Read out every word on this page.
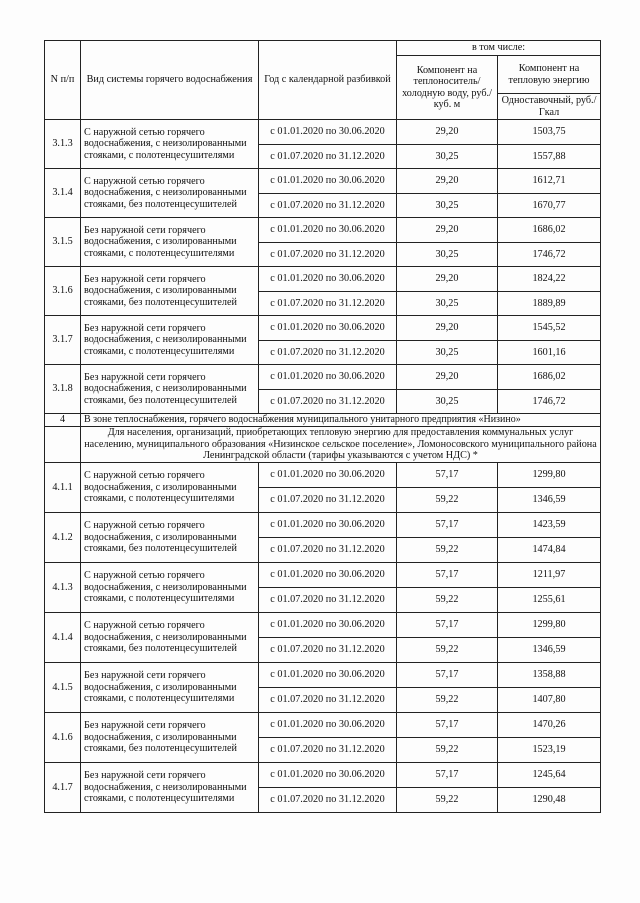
N п/п	Вид системы горячего водоснабжения	Год с календарной разбивкой	в том числе:	
			Компонент на теплоноситель/холодную воду, руб./куб. м	Компонент на тепловую энергию
				Одноставочный, руб./Гкал
3.1.3	С наружной сетью горячего водоснабжения, с неизолированными стояками, с полотенцесушителями	с 01.01.2020 по 30.06.2020	29,20	1503,75
		с 01.07.2020 по 31.12.2020	30,25	1557,88
3.1.4	С наружной сетью горячего водоснабжения, с неизолированными стояками, без полотенцесушителей	с 01.01.2020 по 30.06.2020	29,20	1612,71
		с 01.07.2020 по 31.12.2020	30,25	1670,77
3.1.5	Без наружной сети горячего водоснабжения, с изолированными стояками, с полотенцесушителями	с 01.01.2020 по 30.06.2020	29,20	1686,02
		с 01.07.2020 по 31.12.2020	30,25	1746,72
3.1.6	Без наружной сети горячего водоснабжения, с изолированными стояками, без полотенцесушителей	с 01.01.2020 по 30.06.2020	29,20	1824,22
		с 01.07.2020 по 31.12.2020	30,25	1889,89
3.1.7	Без наружной сети горячего водоснабжения, с неизолированными стояками, с полотенцесушителями	с 01.01.2020 по 30.06.2020	29,20	1545,52
		с 01.07.2020 по 31.12.2020	30,25	1601,16
3.1.8	Без наружной сети горячего водоснабжения, с неизолированными стояками, без полотенцесушителей	с 01.01.2020 по 30.06.2020	29,20	1686,02
		с 01.07.2020 по 31.12.2020	30,25	1746,72
4	В зоне теплоснабжения, горячего водоснабжения муниципального унитарного предприятия «Низино»			
	Для населения, организаций, приобретающих тепловую энергию для предоставления коммунальных услуг населению, муниципального образования «Низинское сельское поселение», Ломоносовского муниципального района Ленинградской области (тарифы указываются с учетом НДС) *			
4.1.1	С наружной сетью горячего водоснабжения, с изолированными стояками, с полотенцесушителями	с 01.01.2020 по 30.06.2020	57,17	1299,80
		с 01.07.2020 по 31.12.2020	59,22	1346,59
4.1.2	С наружной сетью горячего водоснабжения, с изолированными стояками, без полотенцесушителей	с 01.01.2020 по 30.06.2020	57,17	1423,59
		с 01.07.2020 по 31.12.2020	59,22	1474,84
4.1.3	С наружной сетью горячего водоснабжения, с неизолированными стояками, с полотенцесушителями	с 01.01.2020 по 30.06.2020	57,17	1211,97
		с 01.07.2020 по 31.12.2020	59,22	1255,61
4.1.4	С наружной сетью горячего водоснабжения, с неизолированными стояками, без полотенцесушителей	с 01.01.2020 по 30.06.2020	57,17	1299,80
		с 01.07.2020 по 31.12.2020	59,22	1346,59
4.1.5	Без наружной сети горячего водоснабжения, с изолированными стояками, с полотенцесушителями	с 01.01.2020 по 30.06.2020	57,17	1358,88
		с 01.07.2020 по 31.12.2020	59,22	1407,80
4.1.6	Без наружной сети горячего водоснабжения, с изолированными стояками, без полотенцесушителей	с 01.01.2020 по 30.06.2020	57,17	1470,26
		с 01.07.2020 по 31.12.2020	59,22	1523,19
4.1.7	Без наружной сети горячего водоснабжения, с неизолированными стояками, с полотенцесушителями	с 01.01.2020 по 30.06.2020	57,17	1245,64
		с 01.07.2020 по 31.12.2020	59,22	1290,48
